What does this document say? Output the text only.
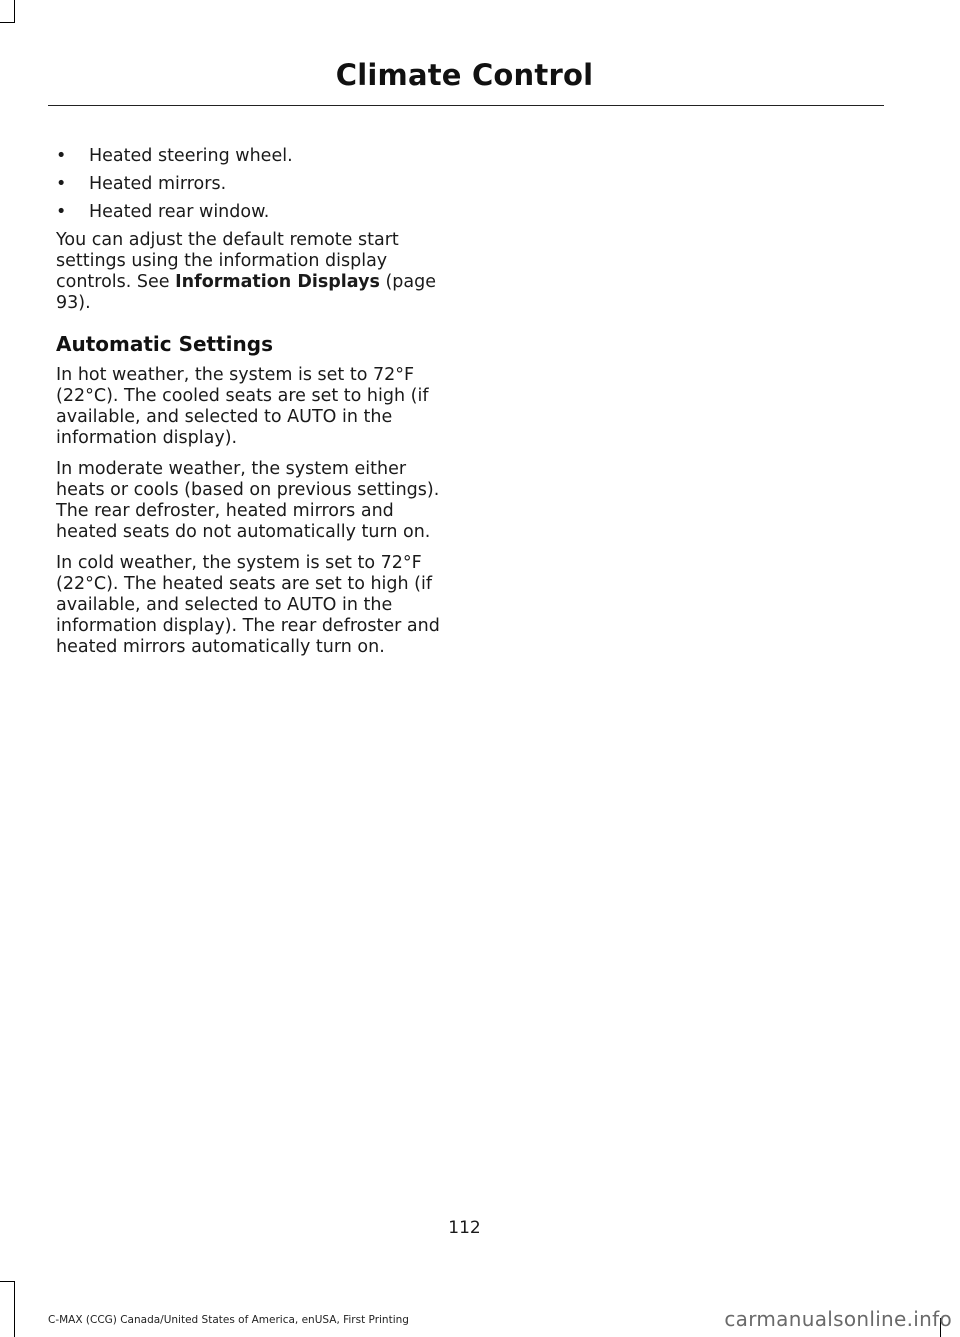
Climate Control
• Heated steering wheel.
• Heated mirrors.
• Heated rear window.

You can adjust the default remote start settings using the information display controls. See Information Displays (page 93).

Automatic Settings

In hot weather, the system is set to 72°F (22°C). The cooled seats are set to high (if available, and selected to AUTO in the information display).

In moderate weather, the system either heats or cools (based on previous settings). The rear defroster, heated mirrors and heated seats do not automatically turn on.

In cold weather, the system is set to 72°F (22°C). The heated seats are set to high (if available, and selected to AUTO in the information display). The rear defroster and heated mirrors automatically turn on.

112
C-MAX (CCG) Canada/United States of America, enUSA, First Printing	carmanualsonline.info
